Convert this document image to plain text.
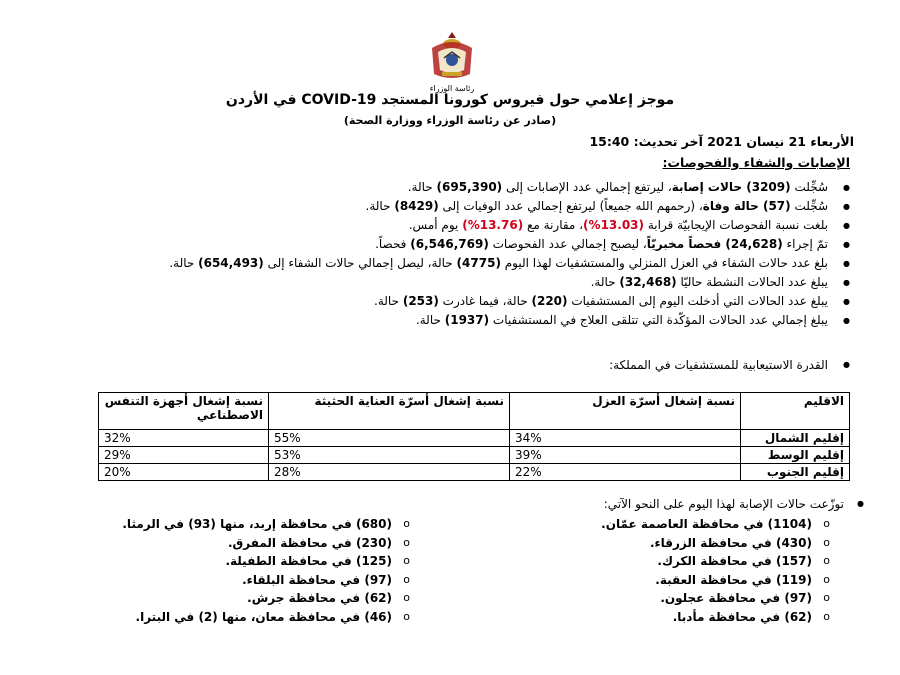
رئاسة الوزراء
موجز إعلامي حول فيروس كورونا المستجد COVID-19 في الأردن
(صادر عن رئاسة الوزراء ووزارة الصحة)
الأربعاء 21 نيسان 2021 آخر تحديث: 15:40
الإصابات والشفاء والفحوصات:
● سُجِّلت (3209) حالات إصابة، ليرتفع إجمالي عدد الإصابات إلى (695,390) حالة.
● سُجِّلت (57) حالة وفاة، (رحمهم الله جميعاً) ليرتفع إجمالي عدد الوفيات إلى (8429) حالة.
● بلغت نسبة الفحوصات الإيجابيّة قرابة (13.03%)، مقارنة مع (13.76%) يوم أمس.
● تمّ إجراء (24,628) فحصاً مخبريّاً، ليصبح إجمالي عدد الفحوصات (6,546,769) فحصاً.
● بلغ عدد حالات الشفاء في العزل المنزلي والمستشفيات لهذا اليوم (4775) حالة، ليصل إجمالي حالات الشفاء إلى (654,493) حالة.
● يبلغ عدد الحالات النشطة حاليّا (32,468) حالة.
● يبلغ عدد الحالات التي أدخلت اليوم إلى المستشفيات (220) حالة، فيما غادرت (253) حالة.
● يبلغ إجمالي عدد الحالات المؤكّدة التي تتلقى العلاج في المستشفيات (1937) حالة.
● القدرة الاستيعابية للمستشفيات في المملكة:
الاقليم	نسبة إشغال أسرّة العزل	نسبة إشغال أسرّة العناية الحثيثة	نسبة إشغال أجهزة التنفس الاصطناعي
إقليم الشمال	34%	55%	32%
إقليم الوسط	39%	53%	29%
إقليم الجنوب	22%	28%	20%
● توزّعت حالات الإصابة لهذا اليوم على النحو الآتي:
o (1104) في محافظة العاصمة عمّان.
o (430) في محافظة الزرقاء.
o (157) في محافظة الكرك.
o (119) في محافظة العقبة.
o (97) في محافظة عجلون.
o (62) في محافظة مأدبا.
o (680) في محافظة إربد، منها (93) في الرمثا.
o (230) في محافظة المفرق.
o (125) في محافظة الطفيلة.
o (97) في محافظة البلقاء.
o (62) في محافظة جرش.
o (46) في محافظة معان، منها (2) في البترا.
